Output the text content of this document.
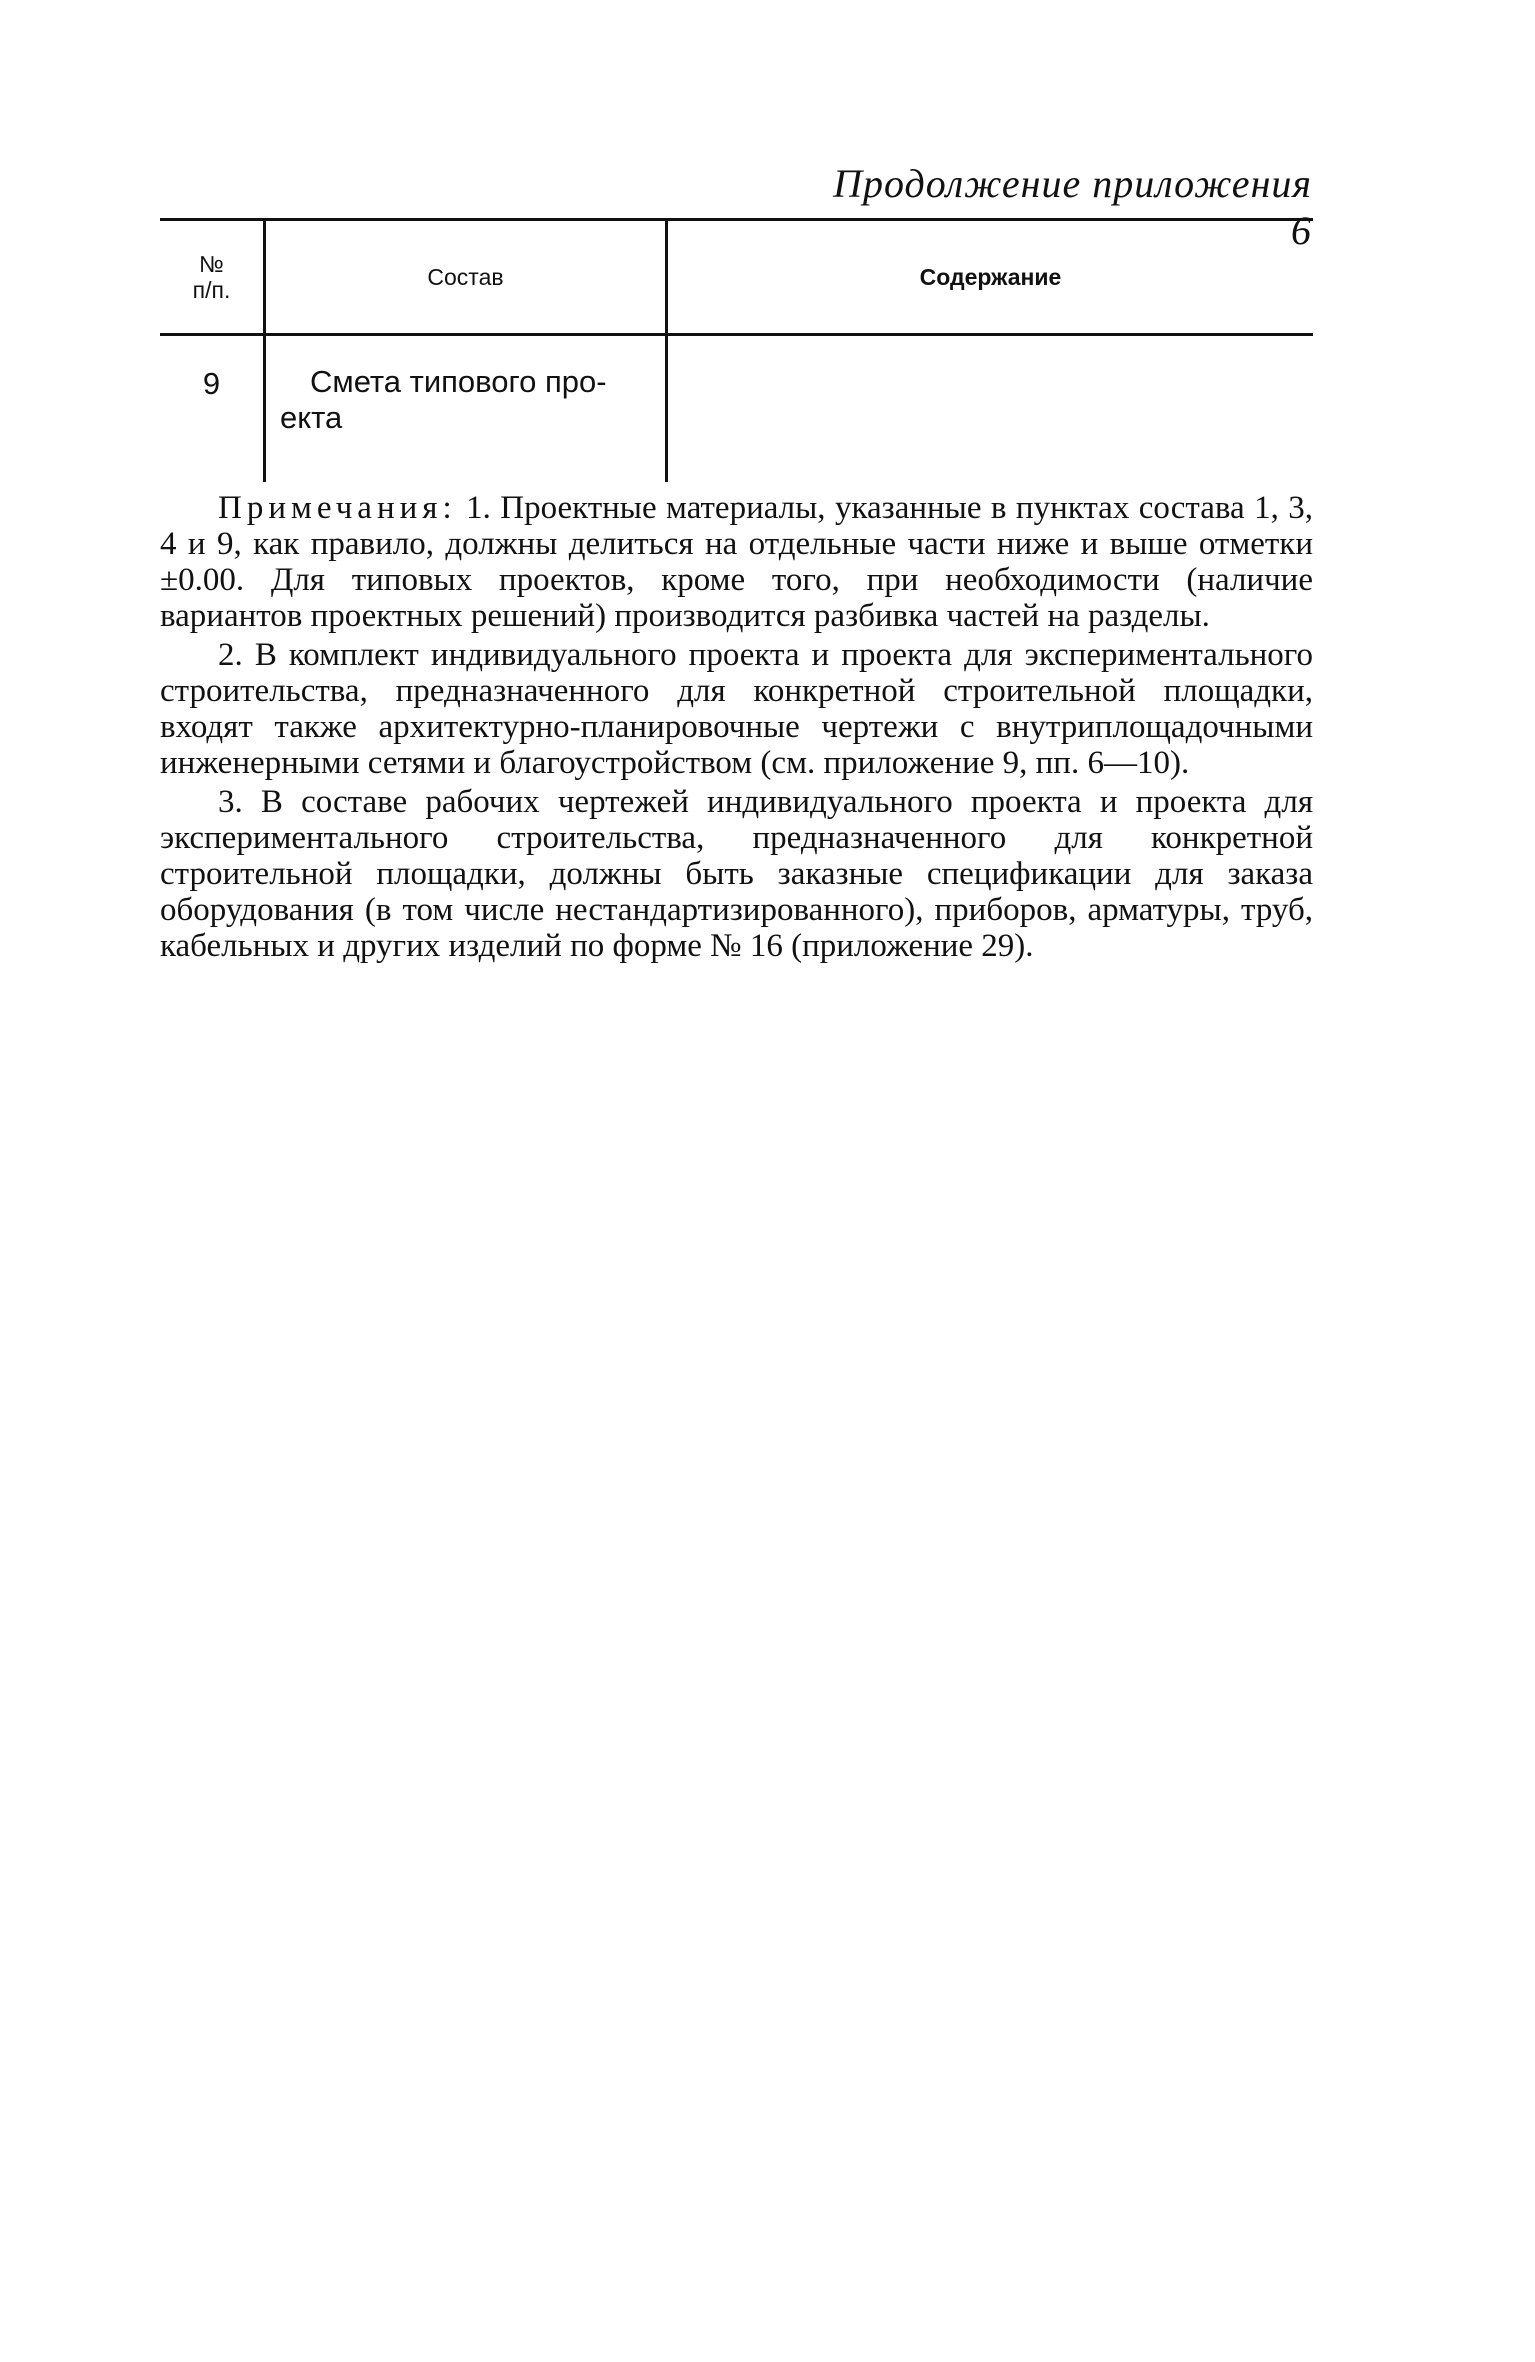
Продолжение приложения 6
№
п/п.
Состав	Содержание
9	Смета типового про-
екта

Примечания: 1. Проектные материалы, указанные в пунктах состава 1, 3, 4 и 9, как правило, должны делиться на отдельные части ниже и выше отметки ±0.00. Для типовых проектов, кроме того, при необходимости (наличие вариантов проектных решений) производится разбивка частей на разделы.

2. В комплект индивидуального проекта и проекта для экспериментального строительства, предназначенного для конкретной строительной площадки, входят также архитектурно-планировочные чертежи с внутриплощадочными инженерными сетями и благоустройством (см. приложение 9, пп. 6—10).

3. В составе рабочих чертежей индивидуального проекта и проекта для экспериментального строительства, предназначенного для конкретной строительной площадки, должны быть заказные спецификации для заказа оборудования (в том числе нестандартизированного), приборов, арматуры, труб, кабельных и других изделий по форме № 16 (приложение 29).
